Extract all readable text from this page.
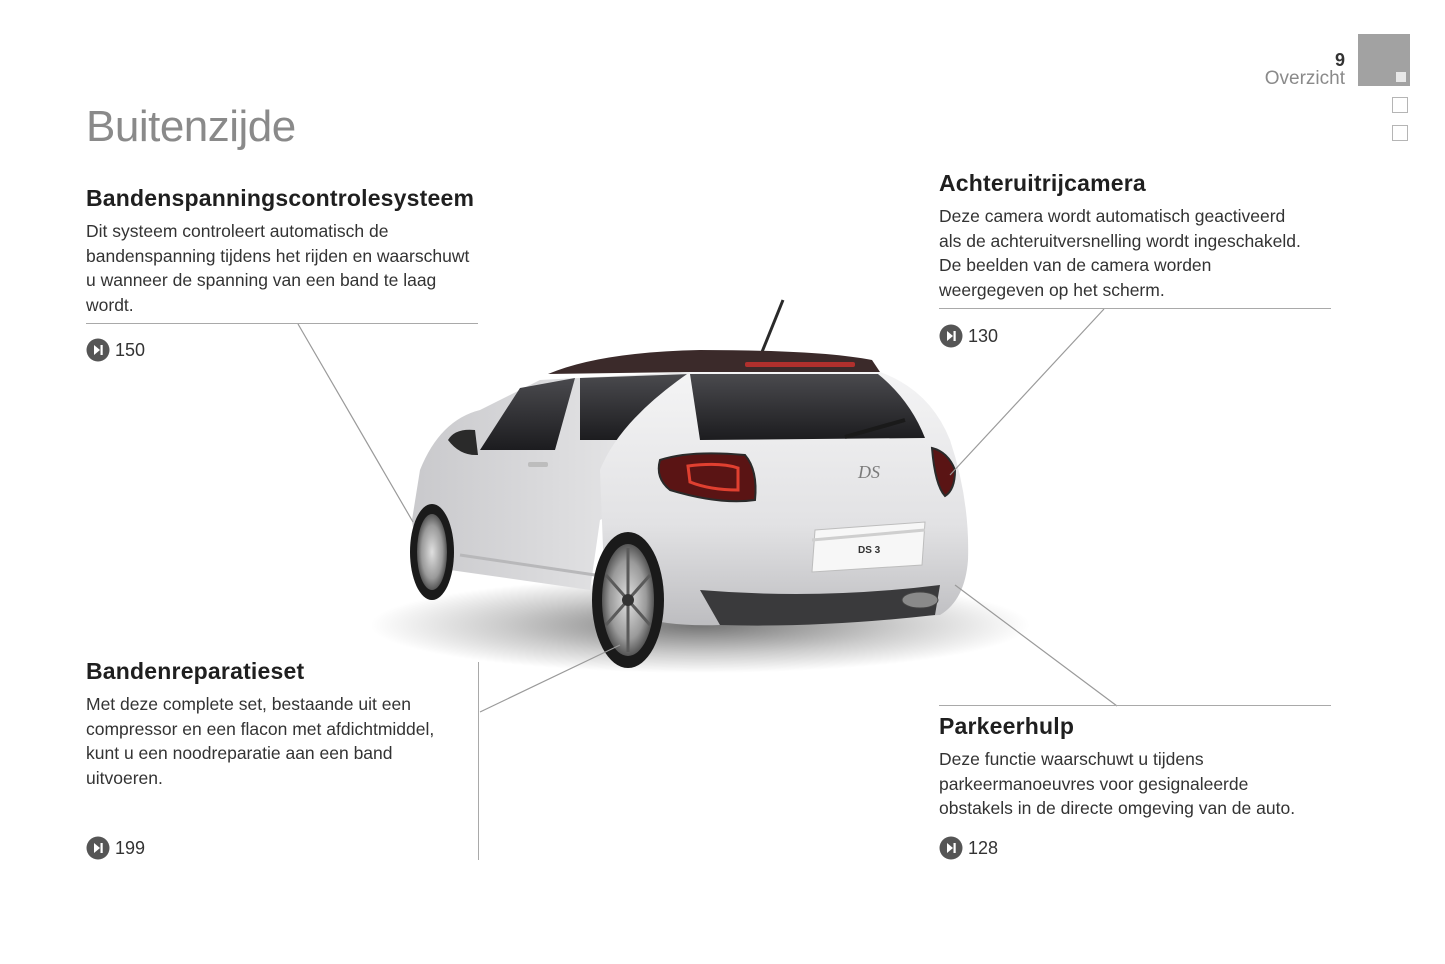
Buitenzijde
9
Overzicht
DS
DS 3
Bandenspanningscontrolesysteem
Dit systeem controleert automatisch de
bandenspanning tijdens het rijden en waarschuwt
u wanneer de spanning van een band te laag
wordt.
150
Achteruitrijcamera
Deze camera wordt automatisch geactiveerd
als de achteruitversnelling wordt ingeschakeld.
De beelden van de camera worden
weergegeven op het scherm.
130
Bandenreparatieset
Met deze complete set, bestaande uit een
compressor en een flacon met afdichtmiddel,
kunt u een noodreparatie aan een band
uitvoeren.
199
Parkeerhulp
Deze functie waarschuwt u tijdens
parkeermanoeuvres voor gesignaleerde
obstakels in de directe omgeving van de auto.
128
